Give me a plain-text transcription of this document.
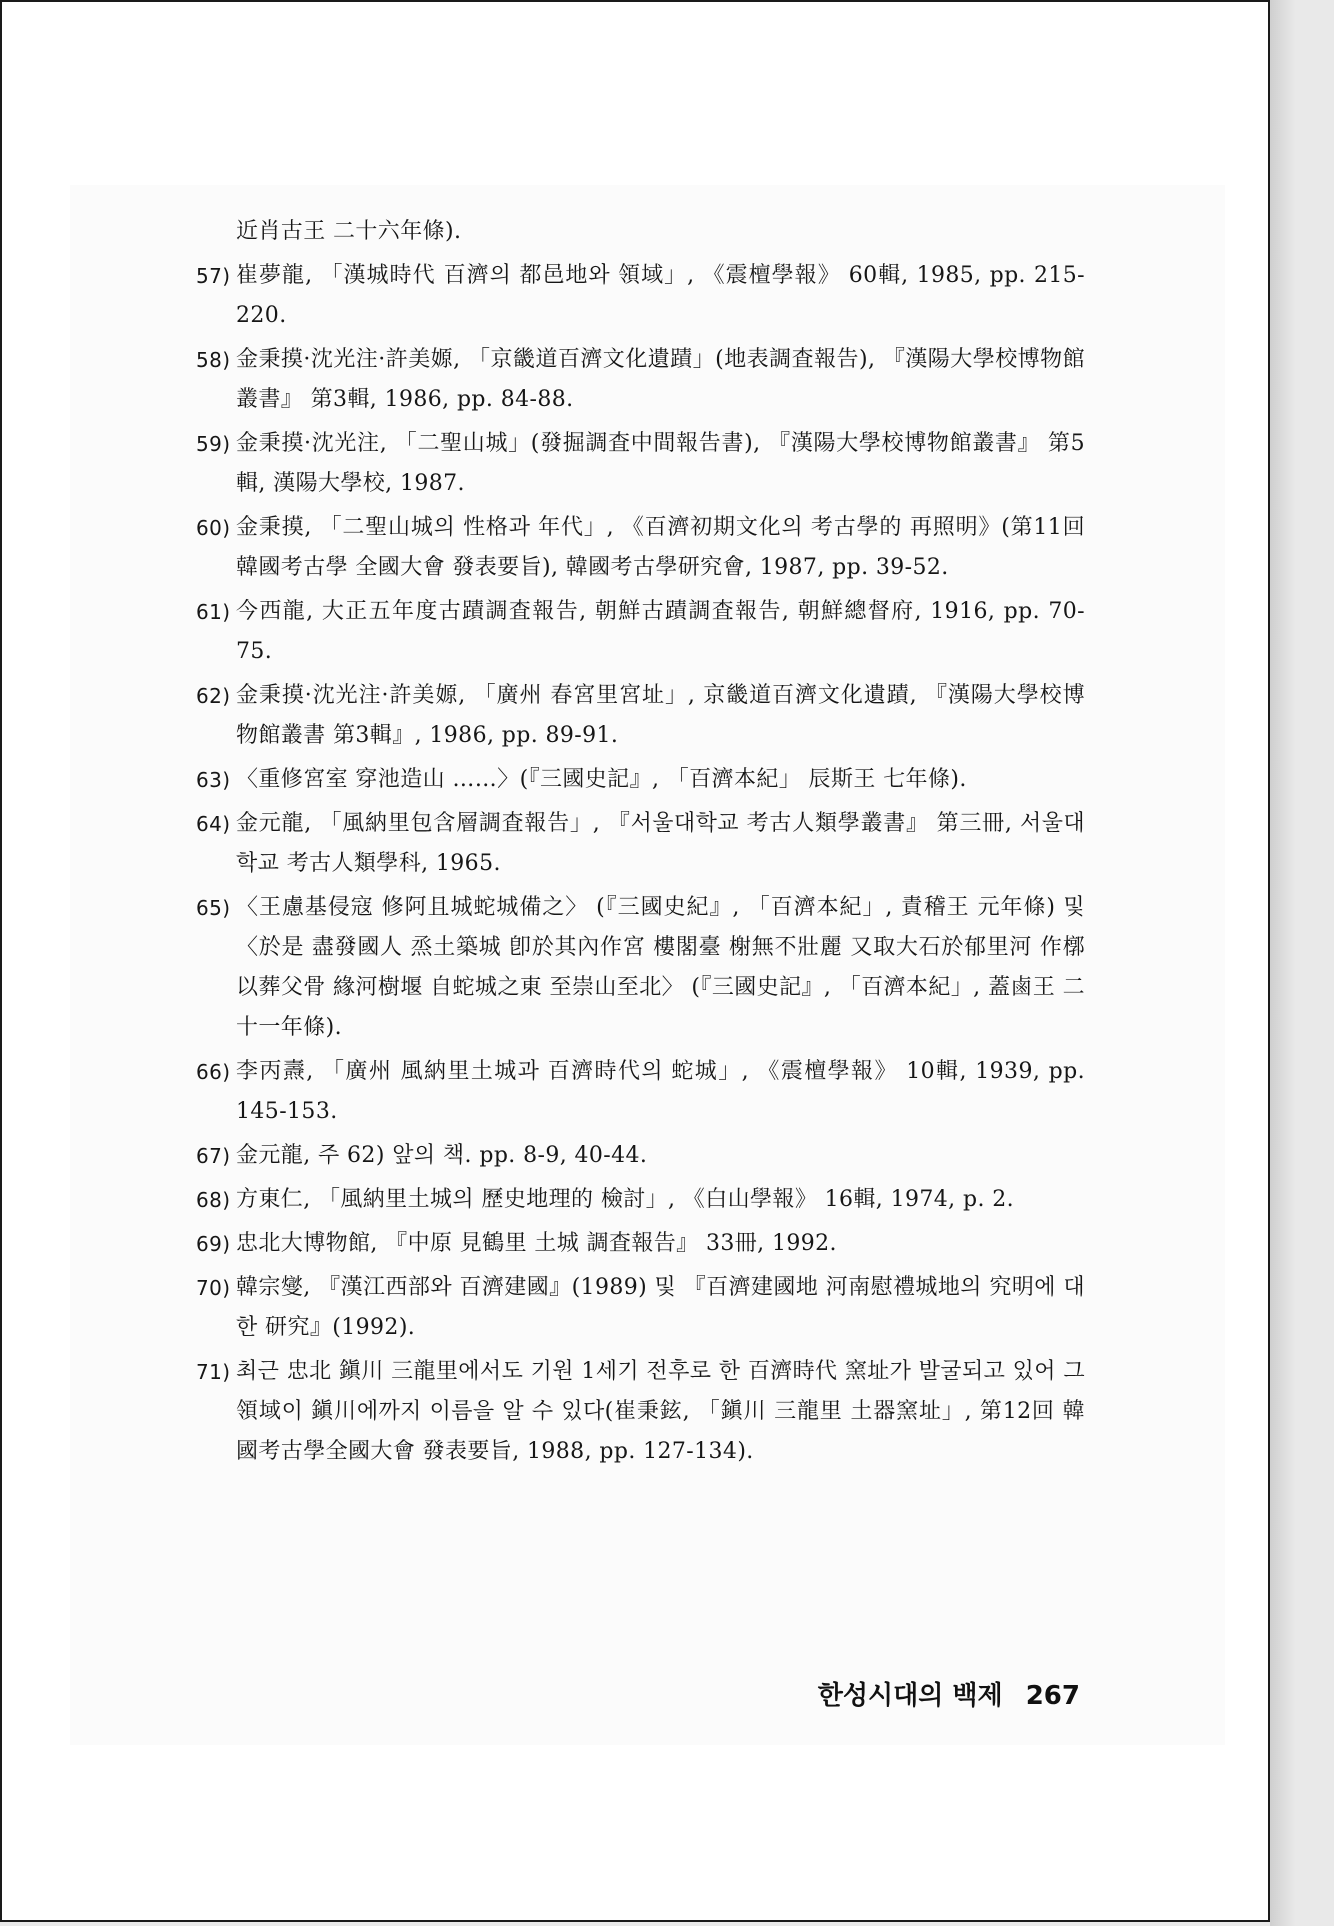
近肖古王 二十六年條).
57) 崔夢龍, 「漢城時代 百濟의 都邑地와 領域」, 《震檀學報》 60輯, 1985, pp. 215-220.
58) 金秉摸·沈光注·許美嫄, 「京畿道百濟文化遺蹟」(地表調査報告), 『漢陽大學校博物館叢書』 第3輯, 1986, pp. 84-88.
59) 金秉摸·沈光注, 「二聖山城」(發掘調査中間報告書), 『漢陽大學校博物館叢書』 第5輯, 漢陽大學校, 1987.
60) 金秉摸, 「二聖山城의 性格과 年代」, 《百濟初期文化의 考古學的 再照明》(第11回 韓國考古學 全國大會 發表要旨), 韓國考古學研究會, 1987, pp. 39-52.
61) 今西龍, 大正五年度古蹟調査報告, 朝鮮古蹟調査報告, 朝鮮總督府, 1916, pp. 70-75.
62) 金秉摸·沈光注·許美嫄, 「廣州 春宮里宮址」, 京畿道百濟文化遺蹟, 『漢陽大學校博物館叢書 第3輯』, 1986, pp. 89-91.
63) 〈重修宮室 穿池造山 ……〉(『三國史記』, 「百濟本紀」 辰斯王 七年條).
64) 金元龍, 「風納里包含層調査報告」, 『서울대학교 考古人類學叢書』 第三冊, 서울대학교 考古人類學科, 1965.
65) 〈王慮基侵寇 修阿且城蛇城備之〉 (『三國史紀』, 「百濟本紀」, 責稽王 元年條) 및 〈於是 盡發國人 烝土築城 卽於其內作宮 樓閣臺 榭無不壯麗 又取大石於郁里河 作槨以葬父骨 緣河樹堰 自蛇城之東 至崇山至北〉 (『三國史記』, 「百濟本紀」, 蓋鹵王 二十一年條).
66) 李丙燾, 「廣州 風納里土城과 百濟時代의 蛇城」, 《震檀學報》 10輯, 1939, pp. 145-153.
67) 金元龍, 주 62) 앞의 책. pp. 8-9, 40-44.
68) 方東仁, 「風納里土城의 歷史地理的 檢討」, 《白山學報》 16輯, 1974, p. 2.
69) 忠北大博物館, 『中原 見鶴里 土城 調査報告』 33冊, 1992.
70) 韓宗燮, 『漢江西部와 百濟建國』(1989) 및 『百濟建國地 河南慰禮城地의 究明에 대한 研究』(1992).
71) 최근 忠北 鎭川 三龍里에서도 기원 1세기 전후로 한 百濟時代 窯址가 발굴되고 있어 그 領域이 鎭川에까지 이름을 알 수 있다(崔秉鉉, 「鎭川 三龍里 土器窯址」, 第12回 韓國考古學全國大會 發表要旨, 1988, pp. 127-134).
한성시대의 백제 267
